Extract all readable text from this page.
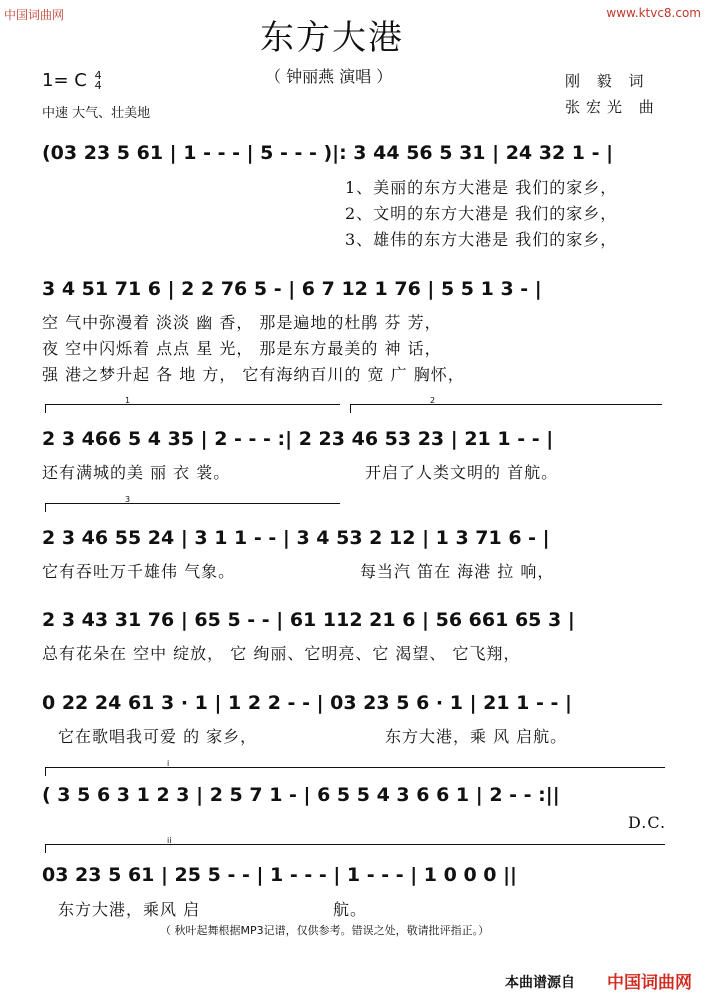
中国词曲网	www.ktvc8.com
东方大港
（ 钟丽燕 演唱 ）
1= C 4
4
中速 大气、壮美地
刚 毅 词
张宏光 曲
(03 23 5 61 | 1 - - - | 5 - - - )|: 3 44 56 5 31 | 24 32 1 - |
1、美丽的东方大港是 我们的家乡，
2、文明的东方大港是 我们的家乡，
3、雄伟的东方大港是 我们的家乡，
3 4 51 71 6 | 2 2 76 5 - | 6 7 12 1 76 | 5 5 1 3 - |
空 气中弥漫着 淡淡 幽 香， 那是遍地的杜鹃 芬 芳，
夜 空中闪烁着 点点 星 光， 那是东方最美的 神 话，
强 港之梦升起 各 地 方， 它有海纳百川的 宽 广 胸怀，
1	2
2 3 466 5 4 35 | 2 - - - :| 2 23 46 53 23 | 21 1 - - |
还有满城的美 丽 衣 裳。	开启了人类文明的 首航。
3
2 3 46 55 24 | 3 1 1 - - | 3 4 53 2 12 | 1 3 71 6 - |
它有吞吐万千雄伟 气象。	每当汽 笛在 海港 拉 响，
2 3 43 31 76 | 65 5 - - | 61 112 21 6 | 56 661 65 3 |
总有花朵在 空中 绽放， 它 绚丽、它明亮、它 渴望、 它飞翔，
0 22 24 61 3 · 1 | 1 2 2 - - | 03 23 5 6 · 1 | 21 1 - - |
它在歌唱我可爱 的 家乡，	东方大港，乘 风 启航。
i
( 3 5 6 3 1 2 3 | 2 5 7 1 - | 6 5 5 4 3 6 6 1 | 2 - - :||
D.C.
ii
03 23 5 61 | 25 5 - - | 1 - - - | 1 - - - | 1 0 0 0 ||
东方大港，乘风 启	航。
（ 秋叶起舞根据MP3记谱，仅供参考。错误之处，敬请批评指正。）
本曲谱源自 中国词曲网
